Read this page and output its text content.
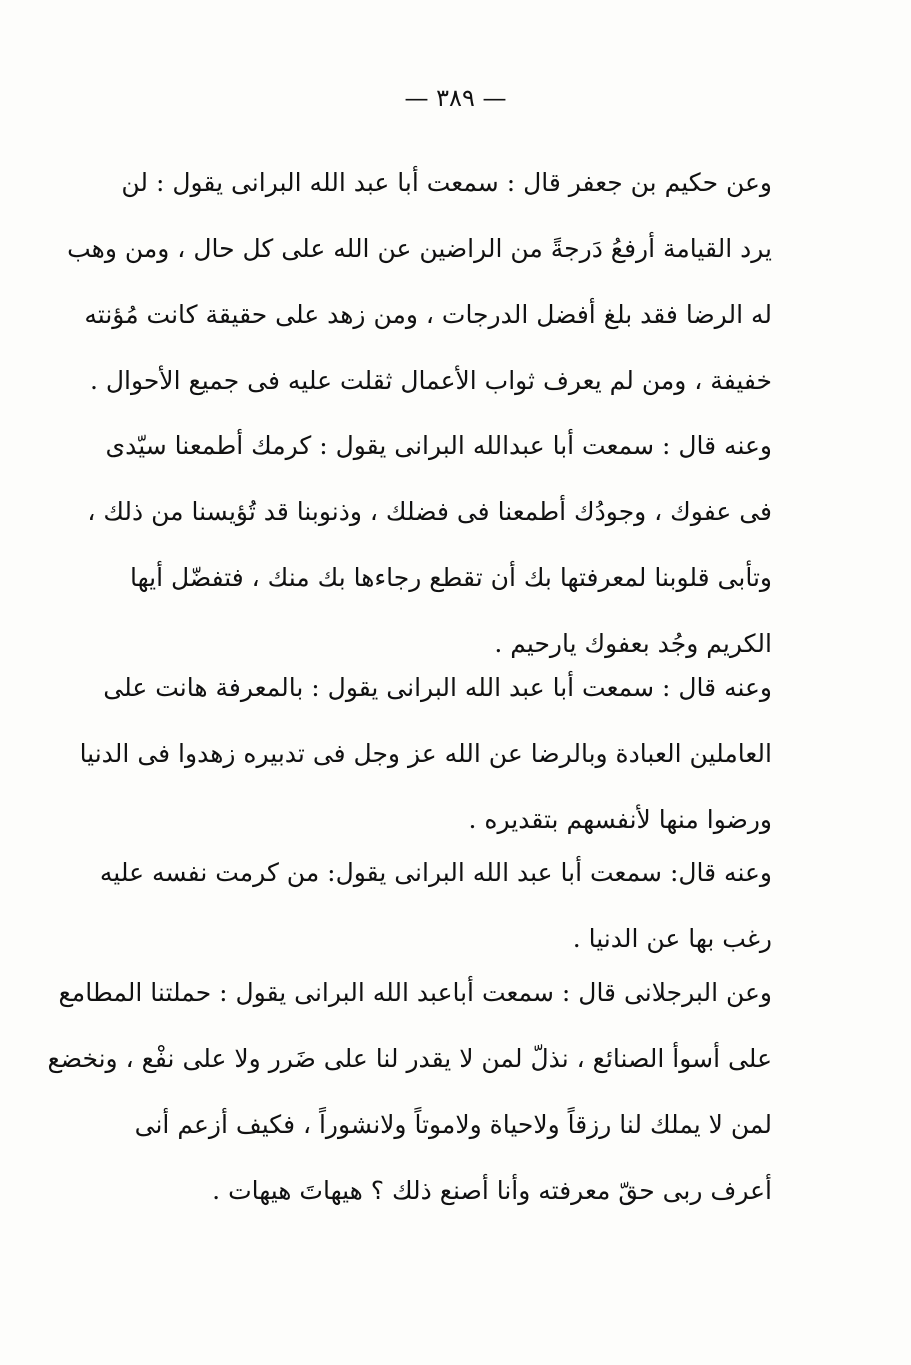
— ٣٨٩ —
وعن حكيم بن جعفر قال : سمعت أبا عبد الله البرانى يقول : لن
يرد القيامة أرفعُ دَرجةً من الراضين عن الله على كل حال ، ومن وهب
له الرضا فقد بلغ أفضل الدرجات ، ومن زهد على حقيقة كانت مُؤنته
خفيفة ، ومن لم يعرف ثواب الأعمال ثقلت عليه فى جميع الأحوال .
وعنه قال : سمعت أبا عبدالله البرانى يقول : كرمك أطمعنا سيّدى
فى عفوك ، وجودُك أطمعنا فى فضلك ، وذنوبنا قد تُؤيسنا من ذلك ،
وتأبى قلوبنا لمعرفتها بك أن تقطع رجاءها بك منك ، فتفضّل أيها
الكريم وجُد بعفوك يارحيم .
وعنه قال : سمعت أبا عبد الله البرانى يقول : بالمعرفة هانت على
العاملين العبادة وبالرضا عن الله عز وجل فى تدبيره زهدوا فى الدنيا
ورضوا منها لأنفسهم بتقديره .
وعنه قال: سمعت أبا عبد الله البرانى يقول: من كرمت نفسه عليه
رغب بها عن الدنيا .
وعن البرجلانى قال : سمعت أباعبد الله البرانى يقول : حملتنا المطامع
على أسوأ الصنائع ، نذلّ لمن لا يقدر لنا على ضَرر ولا على نفْع ، ونخضع
لمن لا يملك لنا رزقاً ولاحياة ولاموتاً ولانشوراً ، فكيف أزعم أنى
أعرف ربى حقّ معرفته وأنا أصنع ذلك ؟ هيهاتَ هيهات .
